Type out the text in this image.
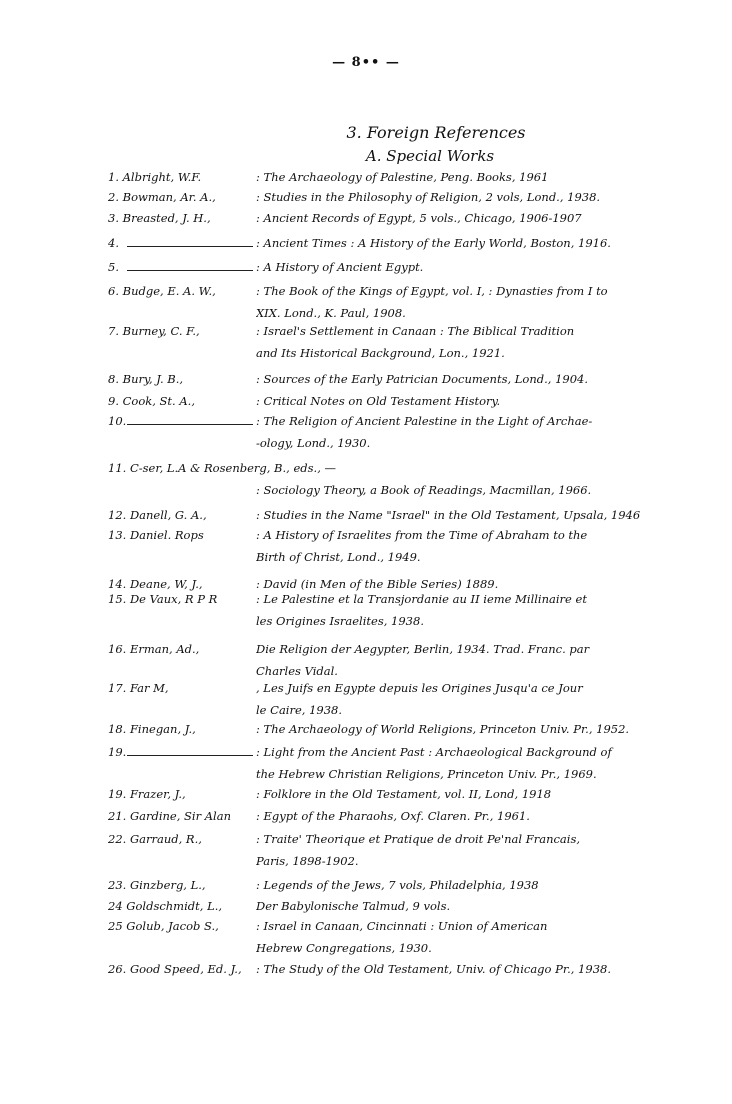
— 8•• —
3. Foreign References
A. Special Works
1. Albright, W.F.	: The Archaeology of Palestine, Peng. Books, 1961
2. Bowman, Ar. A.,	: Studies in the Philosophy of Religion, 2 vols, Lond., 1938.
3. Breasted, J. H.,	: Ancient Records of Egypt, 5 vols., Chicago, 1906-1907
4.	: Ancient Times : A History of the Early World, Boston, 1916.
5.	: A History of Ancient Egypt.
6. Budge, E. A. W.,	: The Book of the Kings of Egypt, vol. I, : Dynasties from I to
XIX. Lond., K. Paul, 1908.
7. Burney, C. F.,	: Israel's Settlement in Canaan : The Biblical Tradition
and Its Historical Background, Lon., 1921.
8. Bury, J. B.,	: Sources of the Early Patrician Documents, Lond., 1904.
9. Cook, St. A.,	: Critical Notes on Old Testament History.
10.	: The Religion of Ancient Palestine in the Light of Archae-
-ology, Lond., 1930.
11. C-ser, L.A & Rosenberg, B., eds., —
: Sociology Theory, a Book of Readings, Macmillan, 1966.
12. Danell, G. A.,	: Studies in the Name "Israel" in the Old Testament, Upsala, 1946
13. Daniel. Rops	: A History of Israelites from the Time of Abraham to the
Birth of Christ, Lond., 1949.
14. Deane, W, J.,	: David (in Men of the Bible Series) 1889.
15. De Vaux, R P R	: Le Palestine et la Transjordanie au II ieme Millinaire et
les Origines Israelites, 1938.
16. Erman, Ad.,	Die Religion der Aegypter, Berlin, 1934. Trad. Franc. par
Charles Vidal.
17. Far M,	, Les Juifs en Egypte depuis les Origines Jusqu'a ce Jour
le Caire, 1938.
18. Finegan, J.,	: The Archaeology of World Religions, Princeton Univ. Pr., 1952.
19.	: Light from the Ancient Past : Archaeological Background of
the Hebrew Christian Religions, Princeton Univ. Pr., 1969.
19. Frazer, J.,	: Folklore in the Old Testament, vol. II, Lond, 1918
21. Gardine, Sir Alan	: Egypt of the Pharaohs, Oxf. Claren. Pr., 1961.
22. Garraud, R.,	: Traite' Theorique et Pratique de droit Pe'nal Francais,
Paris, 1898-1902.
23. Ginzberg, L.,	: Legends of the Jews, 7 vols, Philadelphia, 1938
24 Goldschmidt, L.,	Der Babylonische Talmud, 9 vols.
25 Golub, Jacob S.,	: Israel in Canaan, Cincinnati : Union of American
Hebrew Congregations, 1930.
26. Good Speed, Ed. J.,	: The Study of the Old Testament, Univ. of Chicago Pr., 1938.
